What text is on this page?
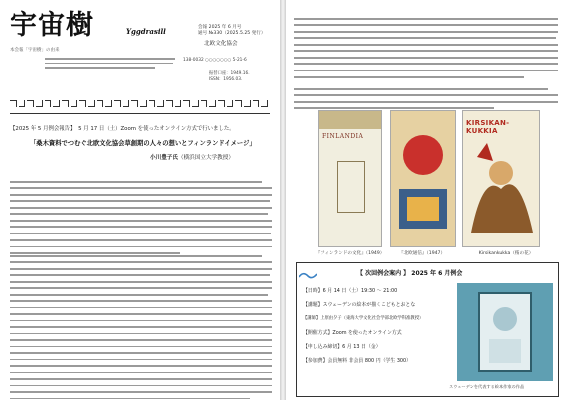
宇宙樹	Yggdrasill	会報 2025 年 6 月号
通号 №330（2025.5.25 発行）
北欧文化協会
本会報「宇宙樹」の由来
138-0032 ○○○○○○○ 5-21-6
振替口座：1949.16.
ISSN：1956.03.
【2025 年 5 月例会報告】　5 月 17 日（土）Zoom を使ったオンライン方式で行いました。
「桑木資料でつむぐ北欧文化協会草創期の人々の想いとフィンランドイメージ」
小川豊子氏（横浜国立大学教授）
FINLANDIA
KIRSIKAN-KUKKIA
『フィンランドの文化』（1949）	『北欧通信』（1947）	Kirsikankukka（桜の花）
【 次回例会案内 】 2025 年 6 月例会
【日時】6 月 14 日（土）19:30 ～ 21:00
【講題】スウェーデンの絵本が描くこどもとおとな
【講師】上原由夕子（東海大学文化社会学部北欧学科准教授）
【開催方式】Zoom を使ったオンライン方式
【申し込み締切】6 月 13 日（金）
【参加費】会員無料 非会員 800 円（学生 300）
スウェーデンを代表する絵本作家の作品
